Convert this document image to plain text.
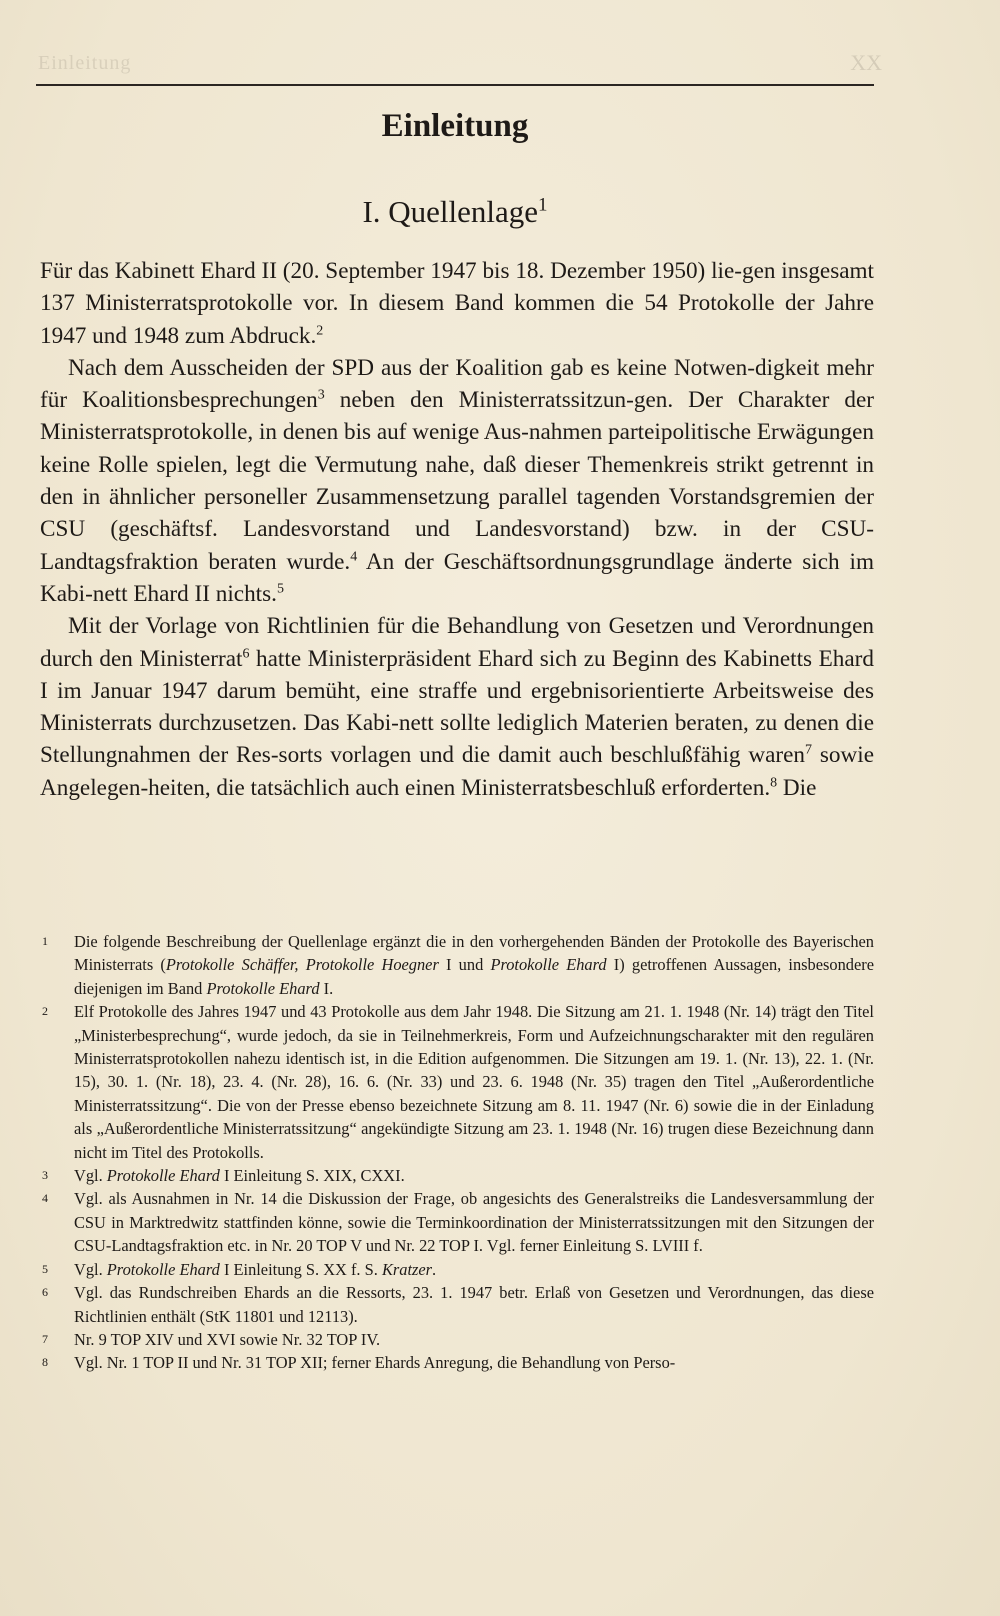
Einleitung	XX
Einleitung
I. Quellenlage$^1$

Für das Kabinett Ehard II (20. September 1947 bis 18. Dezember 1950) lie-gen insgesamt 137 Ministerratsprotokolle vor. In diesem Band kommen die 54 Protokolle der Jahre 1947 und 1948 zum Abdruck.$^2$

Nach dem Ausscheiden der SPD aus der Koalition gab es keine Notwen-digkeit mehr für Koalitionsbesprechungen$^3$ neben den Ministerratssitzun-gen. Der Charakter der Ministerratsprotokolle, in denen bis auf wenige Aus-nahmen parteipolitische Erwägungen keine Rolle spielen, legt die Vermutung nahe, daß dieser Themenkreis strikt getrennt in den in ähnlicher personeller Zusammensetzung parallel tagenden Vorstandsgremien der CSU (geschäftsf. Landesvorstand und Landesvorstand) bzw. in der CSU-Landtagsfraktion beraten wurde.$^4$ An der Geschäftsordnungsgrundlage änderte sich im Kabi-nett Ehard II nichts.$^5$

Mit der Vorlage von Richtlinien für die Behandlung von Gesetzen und Verordnungen durch den Ministerrat$^6$ hatte Ministerpräsident Ehard sich zu Beginn des Kabinetts Ehard I im Januar 1947 darum bemüht, eine straffe und ergebnisorientierte Arbeitsweise des Ministerrats durchzusetzen. Das Kabi-nett sollte lediglich Materien beraten, zu denen die Stellungnahmen der Res-sorts vorlagen und die damit auch beschlußfähig waren$^7$ sowie Angelegen-heiten, die tatsächlich auch einen Ministerratsbeschluß erforderten.$^8$ Die

1	Die folgende Beschreibung der Quellenlage ergänzt die in den vorhergehenden Bänden der Protokolle des Bayerischen Ministerrats (Protokolle Schäffer, Protokolle Hoegner I und Protokolle Ehard I) getroffenen Aussagen, insbesondere diejenigen im Band Protokolle Ehard I.
2	Elf Protokolle des Jahres 1947 und 43 Protokolle aus dem Jahr 1948. Die Sitzung am 21. 1. 1948 (Nr. 14) trägt den Titel „Ministerbesprechung“, wurde jedoch, da sie in Teilnehmerkreis, Form und Aufzeichnungscharakter mit den regulären Ministerratsprotokollen nahezu identisch ist, in die Edition aufgenommen. Die Sitzungen am 19. 1. (Nr. 13), 22. 1. (Nr. 15), 30. 1. (Nr. 18), 23. 4. (Nr. 28), 16. 6. (Nr. 33) und 23. 6. 1948 (Nr. 35) tragen den Titel „Außerordentliche Ministerratssitzung“. Die von der Presse ebenso bezeichnete Sitzung am 8. 11. 1947 (Nr. 6) sowie die in der Einladung als „Außerordentliche Ministerratssitzung“ angekündigte Sitzung am 23. 1. 1948 (Nr. 16) trugen diese Bezeichnung dann nicht im Titel des Protokolls.
3	Vgl. Protokolle Ehard I Einleitung S. XIX, CXXI.
4	Vgl. als Ausnahmen in Nr. 14 die Diskussion der Frage, ob angesichts des Generalstreiks die Landesversammlung der CSU in Marktredwitz stattfinden könne, sowie die Terminkoordination der Ministerratssitzungen mit den Sitzungen der CSU-Landtagsfraktion etc. in Nr. 20 TOP V und Nr. 22 TOP I. Vgl. ferner Einleitung S. LVIII f.
5	Vgl. Protokolle Ehard I Einleitung S. XX f. S. Kratzer.
6	Vgl. das Rundschreiben Ehards an die Ressorts, 23. 1. 1947 betr. Erlaß von Gesetzen und Verordnungen, das diese Richtlinien enthält (StK 11801 und 12113).
7	Nr. 9 TOP XIV und XVI sowie Nr. 32 TOP IV.
8	Vgl. Nr. 1 TOP II und Nr. 31 TOP XII; ferner Ehards Anregung, die Behandlung von Perso-
